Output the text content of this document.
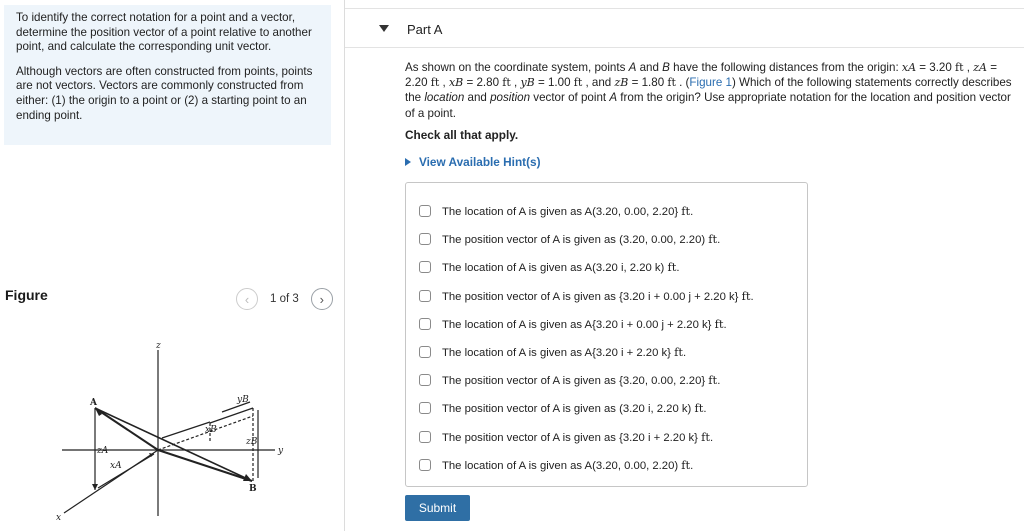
To identify the correct notation for a point and a vector, determine the position vector of a point relative to another point, and calculate the corresponding unit vector.

Although vectors are often constructed from points, points are not vectors. Vectors are commonly constructed from either: (1) the origin to a point or (2) a starting point to an ending point.

Figure	‹	1 of 3	›
z
y
x
A
B
zA
xA
xB
yB
zB
Part A
As shown on the coordinate system, points A and B have the following distances from the origin: xA = 3.20 ft , zA = 2.20 ft , xB = 2.80 ft , yB = 1.00 ft , and zB = 1.80 ft . (Figure 1) Which of the following statements correctly describes the location and position vector of point A from the origin? Use appropriate notation for the location and position vector of a point.
Check all that apply.
View Available Hint(s)
The location of A is given as A(3.20, 0.00, 2.20} ft.
The position vector of A is given as (3.20, 0.00, 2.20) ft.
The location of A is given as A(3.20 i, 2.20 k) ft.
The position vector of A is given as {3.20 i + 0.00 j + 2.20 k} ft.
The location of A is given as A{3.20 i + 0.00 j + 2.20 k} ft.
The location of A is given as A{3.20 i + 2.20 k} ft.
The position vector of A is given as {3.20, 0.00, 2.20} ft.
The position vector of A is given as (3.20 i, 2.20 k) ft.
The position vector of A is given as {3.20 i + 2.20 k} ft.
The location of A is given as A(3.20, 0.00, 2.20) ft.
Submit
